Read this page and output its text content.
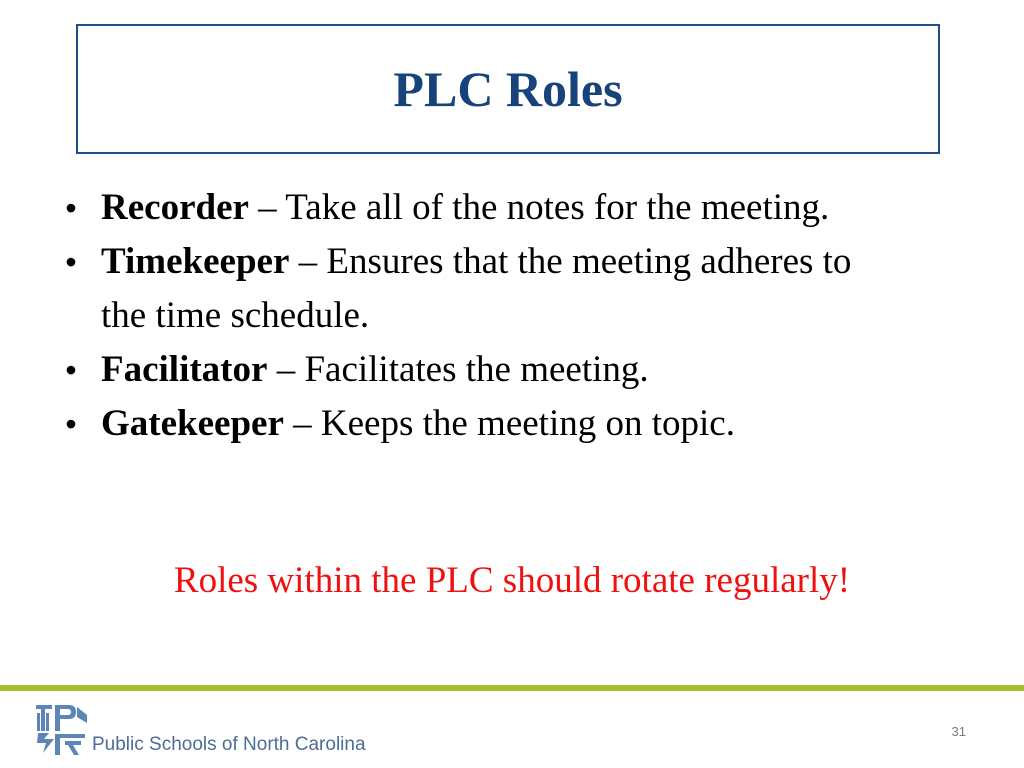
PLC Roles
• Recorder – Take all of the notes for the meeting.
• Timekeeper – Ensures that the meeting adheres to the time schedule.
• Facilitator – Facilitates the meeting.
• Gatekeeper – Keeps the meeting on topic.
Roles within the PLC should rotate regularly!
Public Schools of North Carolina
31
